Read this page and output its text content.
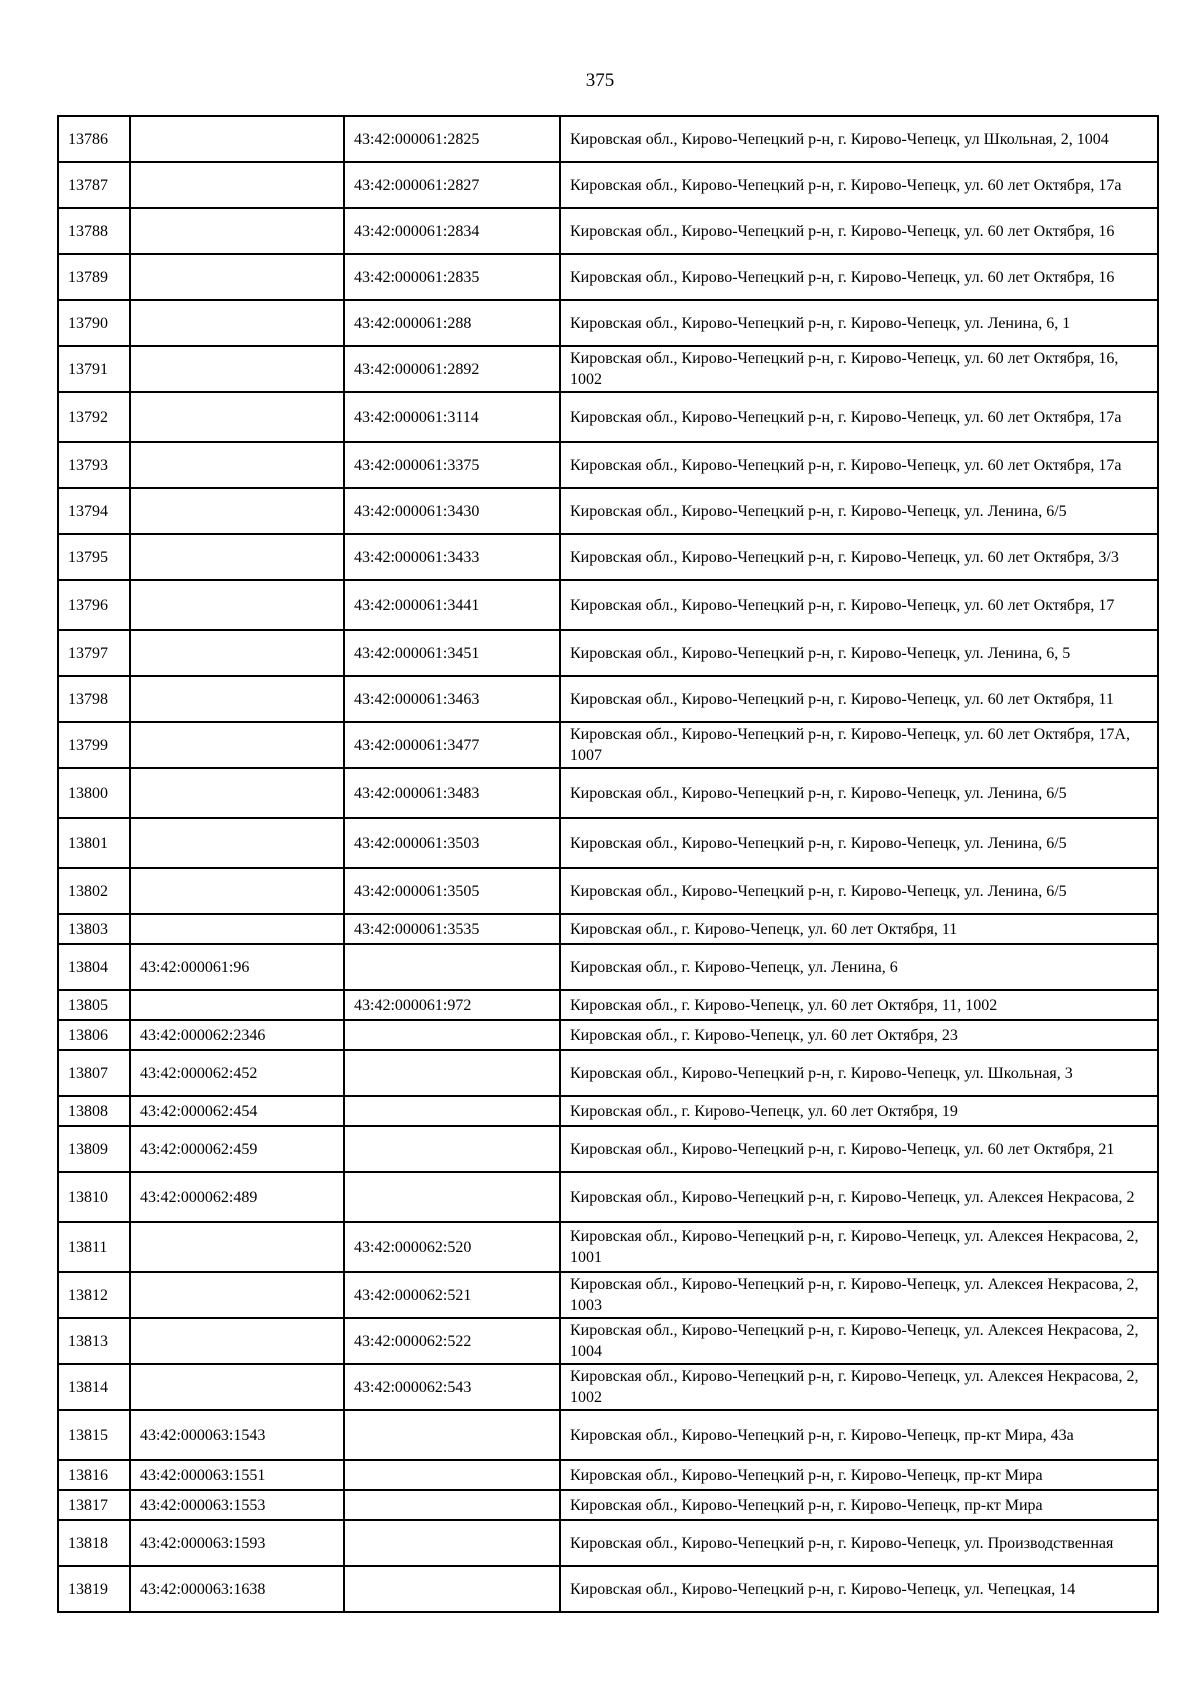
375
13786		43:42:000061:2825	Кировская обл., Кирово-Чепецкий р-н, г. Кирово-Чепецк, ул Школьная, 2, 1004
13787		43:42:000061:2827	Кировская обл., Кирово-Чепецкий р-н, г. Кирово-Чепецк, ул. 60 лет Октября, 17а
13788		43:42:000061:2834	Кировская обл., Кирово-Чепецкий р-н, г. Кирово-Чепецк, ул. 60 лет Октября, 16
13789		43:42:000061:2835	Кировская обл., Кирово-Чепецкий р-н, г. Кирово-Чепецк, ул. 60 лет Октября, 16
13790		43:42:000061:288	Кировская обл., Кирово-Чепецкий р-н, г. Кирово-Чепецк, ул. Ленина, 6, 1
13791		43:42:000061:2892	Кировская обл., Кирово-Чепецкий р-н, г. Кирово-Чепецк, ул. 60 лет Октября, 16, 1002
13792		43:42:000061:3114	Кировская обл., Кирово-Чепецкий р-н, г. Кирово-Чепецк, ул. 60 лет Октября, 17а
13793		43:42:000061:3375	Кировская обл., Кирово-Чепецкий р-н, г. Кирово-Чепецк, ул. 60 лет Октября, 17а
13794		43:42:000061:3430	Кировская обл., Кирово-Чепецкий р-н, г. Кирово-Чепецк, ул. Ленина, 6/5
13795		43:42:000061:3433	Кировская обл., Кирово-Чепецкий р-н, г. Кирово-Чепецк, ул. 60 лет Октября, 3/3
13796		43:42:000061:3441	Кировская обл., Кирово-Чепецкий р-н, г. Кирово-Чепецк, ул. 60 лет Октября, 17
13797		43:42:000061:3451	Кировская обл., Кирово-Чепецкий р-н, г. Кирово-Чепецк, ул. Ленина, 6, 5
13798		43:42:000061:3463	Кировская обл., Кирово-Чепецкий р-н, г. Кирово-Чепецк, ул. 60 лет Октября, 11
13799		43:42:000061:3477	Кировская обл., Кирово-Чепецкий р-н, г. Кирово-Чепецк, ул. 60 лет Октября, 17А, 1007
13800		43:42:000061:3483	Кировская обл., Кирово-Чепецкий р-н, г. Кирово-Чепецк, ул. Ленина, 6/5
13801		43:42:000061:3503	Кировская обл., Кирово-Чепецкий р-н, г. Кирово-Чепецк, ул. Ленина, 6/5
13802		43:42:000061:3505	Кировская обл., Кирово-Чепецкий р-н, г. Кирово-Чепецк, ул. Ленина, 6/5
13803		43:42:000061:3535	Кировская обл., г. Кирово-Чепецк, ул. 60 лет Октября, 11
13804	43:42:000061:96		Кировская обл., г. Кирово-Чепецк, ул. Ленина, 6
13805		43:42:000061:972	Кировская обл., г. Кирово-Чепецк, ул. 60 лет Октября, 11, 1002
13806	43:42:000062:2346		Кировская обл., г. Кирово-Чепецк, ул. 60 лет Октября, 23
13807	43:42:000062:452		Кировская обл., Кирово-Чепецкий р-н, г. Кирово-Чепецк, ул. Школьная, 3
13808	43:42:000062:454		Кировская обл., г. Кирово-Чепецк, ул. 60 лет Октября, 19
13809	43:42:000062:459		Кировская обл., Кирово-Чепецкий р-н, г. Кирово-Чепецк, ул. 60 лет Октября, 21
13810	43:42:000062:489		Кировская обл., Кирово-Чепецкий р-н, г. Кирово-Чепецк, ул. Алексея Некрасова, 2
13811		43:42:000062:520	Кировская обл., Кирово-Чепецкий р-н, г. Кирово-Чепецк, ул. Алексея Некрасова, 2, 1001
13812		43:42:000062:521	Кировская обл., Кирово-Чепецкий р-н, г. Кирово-Чепецк, ул. Алексея Некрасова, 2, 1003
13813		43:42:000062:522	Кировская обл., Кирово-Чепецкий р-н, г. Кирово-Чепецк, ул. Алексея Некрасова, 2, 1004
13814		43:42:000062:543	Кировская обл., Кирово-Чепецкий р-н, г. Кирово-Чепецк, ул. Алексея Некрасова, 2, 1002
13815	43:42:000063:1543		Кировская обл., Кирово-Чепецкий р-н, г. Кирово-Чепецк, пр-кт Мира, 43а
13816	43:42:000063:1551		Кировская обл., Кирово-Чепецкий р-н, г. Кирово-Чепецк, пр-кт Мира
13817	43:42:000063:1553		Кировская обл., Кирово-Чепецкий р-н, г. Кирово-Чепецк, пр-кт Мира
13818	43:42:000063:1593		Кировская обл., Кирово-Чепецкий р-н, г. Кирово-Чепецк, ул. Производственная
13819	43:42:000063:1638		Кировская обл., Кирово-Чепецкий р-н, г. Кирово-Чепецк, ул. Чепецкая, 14
